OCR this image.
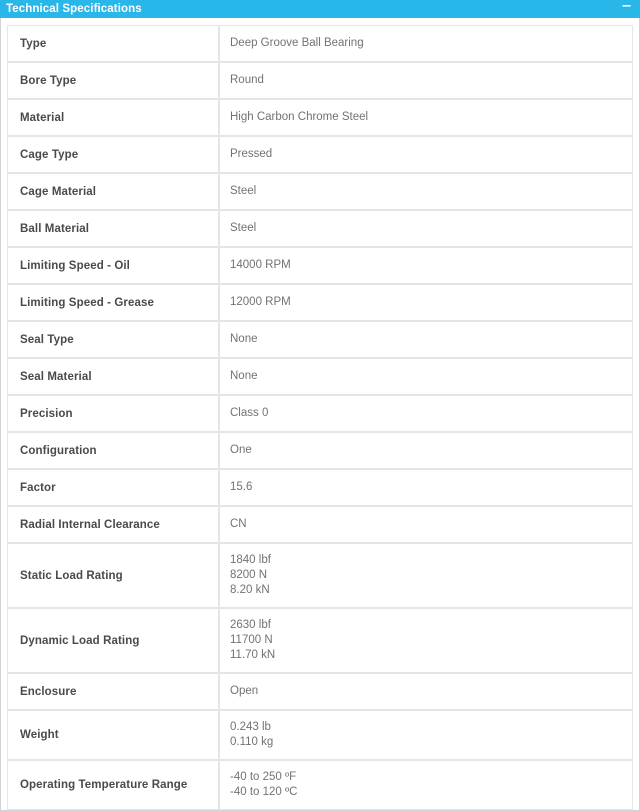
Technical Specifications	−
Type	Deep Groove Ball Bearing

Bore Type	Round

Material	High Carbon Chrome Steel

Cage Type	Pressed

Cage Material	Steel

Ball Material	Steel

Limiting Speed - Oil	14000 RPM

Limiting Speed - Grease	12000 RPM

Seal Type	None

Seal Material	None

Precision	Class 0

Configuration	One

Factor	15.6

Radial Internal Clearance	CN

Static Load Rating	1840 lbf
8200 N
8.20 kN

Dynamic Load Rating	2630 lbf
11700 N
11.70 kN

Enclosure	Open

Weight	0.243 lb
0.110 kg

Operating Temperature Range	-40 to 250 ºF
-40 to 120 ºC
